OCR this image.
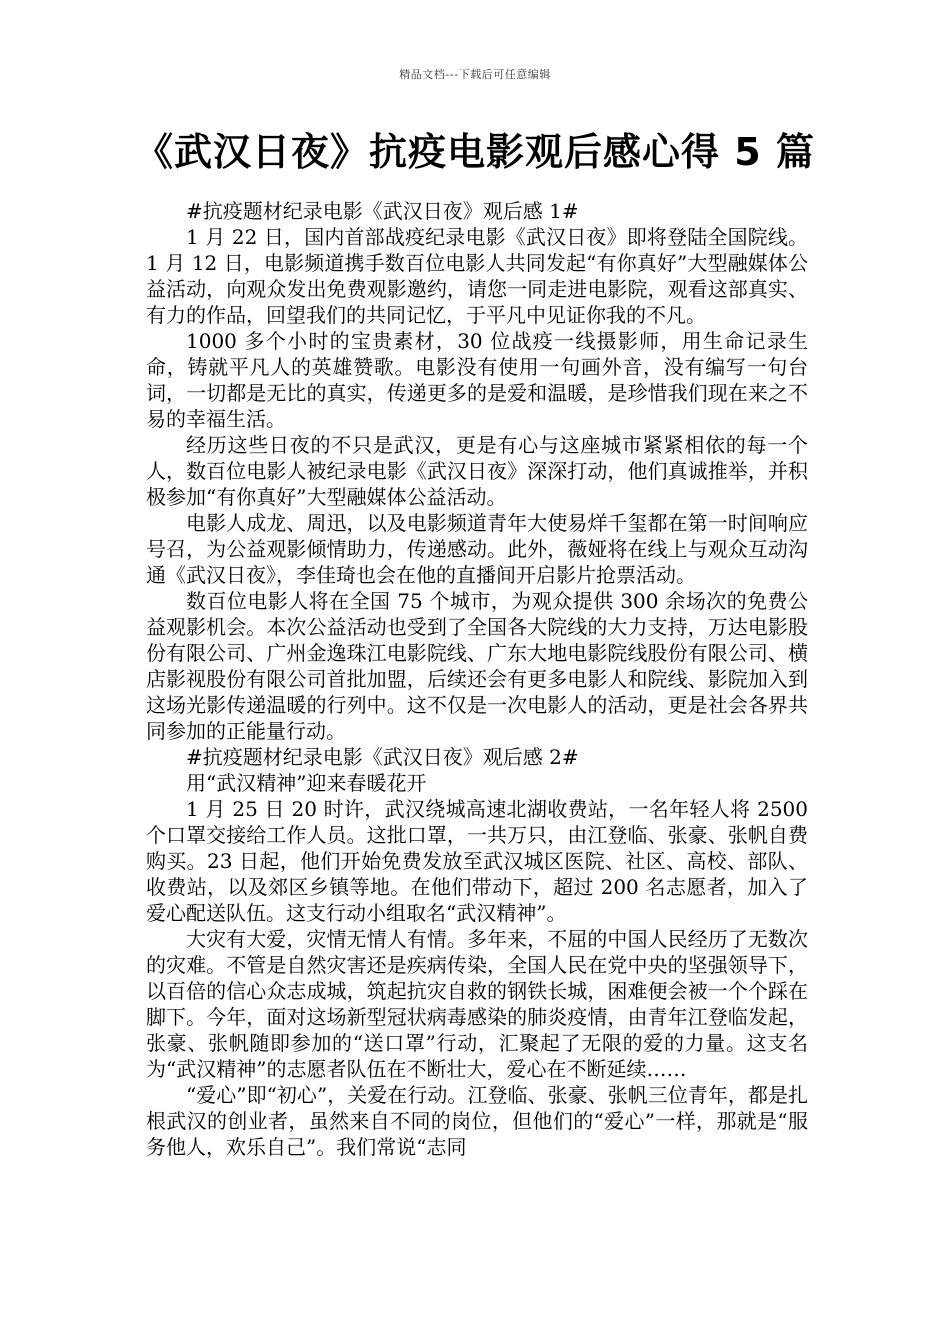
精品文档---下载后可任意编辑
《武汉日夜》抗疫电影观后感心得 5 篇

#抗疫题材纪录电影《武汉日夜》观后感 1#

1 月 22 日，国内首部战疫纪录电影《武汉日夜》即将登陆全国院线。1 月 12 日，电影频道携手数百位电影人共同发起“有你真好”大型融媒体公益活动，向观众发出免费观影邀约，请您一同走进电影院，观看这部真实、有力的作品，回望我们的共同记忆，于平凡中见证你我的不凡。

1000 多个小时的宝贵素材，30 位战疫一线摄影师，用生命记录生命，铸就平凡人的英雄赞歌。电影没有使用一句画外音，没有编写一句台词，一切都是无比的真实，传递更多的是爱和温暖，是珍惜我们现在来之不易的幸福生活。

经历这些日夜的不只是武汉，更是有心与这座城市紧紧相依的每一个人，数百位电影人被纪录电影《武汉日夜》深深打动，他们真诚推举，并积极参加“有你真好”大型融媒体公益活动。

电影人成龙、周迅，以及电影频道青年大使易烊千玺都在第一时间响应号召，为公益观影倾情助力，传递感动。此外，薇娅将在线上与观众互动沟通《武汉日夜》，李佳琦也会在他的直播间开启影片抢票活动。

数百位电影人将在全国 75 个城市，为观众提供 300 余场次的免费公益观影机会。本次公益活动也受到了全国各大院线的大力支持，万达电影股份有限公司、广州金逸珠江电影院线、广东大地电影院线股份有限公司、横店影视股份有限公司首批加盟，后续还会有更多电影人和院线、影院加入到这场光影传递温暖的行列中。这不仅是一次电影人的活动，更是社会各界共同参加的正能量行动。

#抗疫题材纪录电影《武汉日夜》观后感 2#

用“武汉精神”迎来春暖花开

1 月 25 日 20 时许，武汉绕城高速北湖收费站，一名年轻人将 2500 个口罩交接给工作人员。这批口罩，一共万只，由江登临、张豪、张帆自费购买。23 日起，他们开始免费发放至武汉城区医院、社区、高校、部队、收费站，以及郊区乡镇等地。在他们带动下，超过 200 名志愿者，加入了爱心配送队伍。这支行动小组取名“武汉精神”。

大灾有大爱，灾情无情人有情。多年来，不屈的中国人民经历了无数次的灾难。不管是自然灾害还是疾病传染，全国人民在党中央的坚强领导下，以百倍的信心众志成城，筑起抗灾自救的钢铁长城，困难便会被一个个踩在脚下。今年，面对这场新型冠状病毒感染的肺炎疫情，由青年江登临发起，张豪、张帆随即参加的“送口罩”行动，汇聚起了无限的爱的力量。这支名为“武汉精神”的志愿者队伍在不断壮大，爱心在不断延续……

“爱心”即“初心”，关爱在行动。江登临、张豪、张帆三位青年，都是扎根武汉的创业者，虽然来自不同的岗位，但他们的“爱心”一样，那就是“服务他人，欢乐自己”。我们常说“志同
